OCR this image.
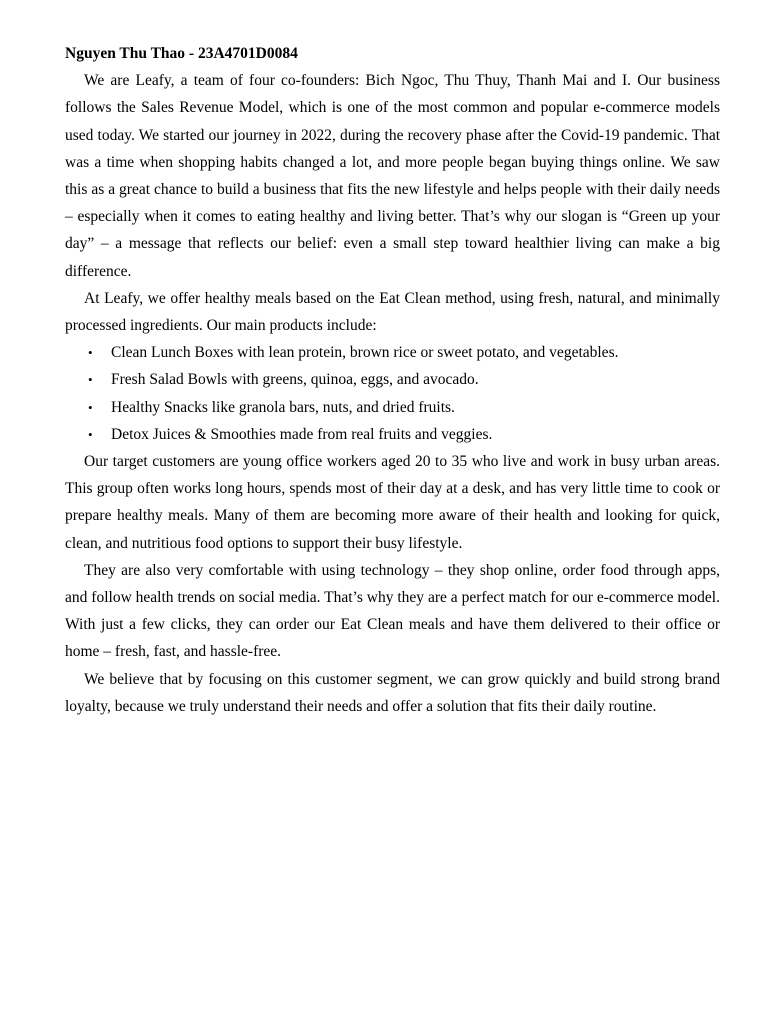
Nguyen Thu Thao - 23A4701D0084

We are Leafy, a team of four co-founders: Bich Ngoc, Thu Thuy, Thanh Mai and I. Our business follows the Sales Revenue Model, which is one of the most common and popular e-commerce models used today. We started our journey in 2022, during the recovery phase after the Covid-19 pandemic. That was a time when shopping habits changed a lot, and more people began buying things online. We saw this as a great chance to build a business that fits the new lifestyle and helps people with their daily needs – especially when it comes to eating healthy and living better. That’s why our slogan is “Green up your day” – a message that reflects our belief: even a small step toward healthier living can make a big difference.

At Leafy, we offer healthy meals based on the Eat Clean method, using fresh, natural, and minimally processed ingredients. Our main products include:

• Clean Lunch Boxes with lean protein, brown rice or sweet potato, and vegetables.
• Fresh Salad Bowls with greens, quinoa, eggs, and avocado.
• Healthy Snacks like granola bars, nuts, and dried fruits.
• Detox Juices & Smoothies made from real fruits and veggies.

Our target customers are young office workers aged 20 to 35 who live and work in busy urban areas. This group often works long hours, spends most of their day at a desk, and has very little time to cook or prepare healthy meals. Many of them are becoming more aware of their health and looking for quick, clean, and nutritious food options to support their busy lifestyle.

They are also very comfortable with using technology – they shop online, order food through apps, and follow health trends on social media. That’s why they are a perfect match for our e-commerce model. With just a few clicks, they can order our Eat Clean meals and have them delivered to their office or home – fresh, fast, and hassle-free.

We believe that by focusing on this customer segment, we can grow quickly and build strong brand loyalty, because we truly understand their needs and offer a solution that fits their daily routine.
